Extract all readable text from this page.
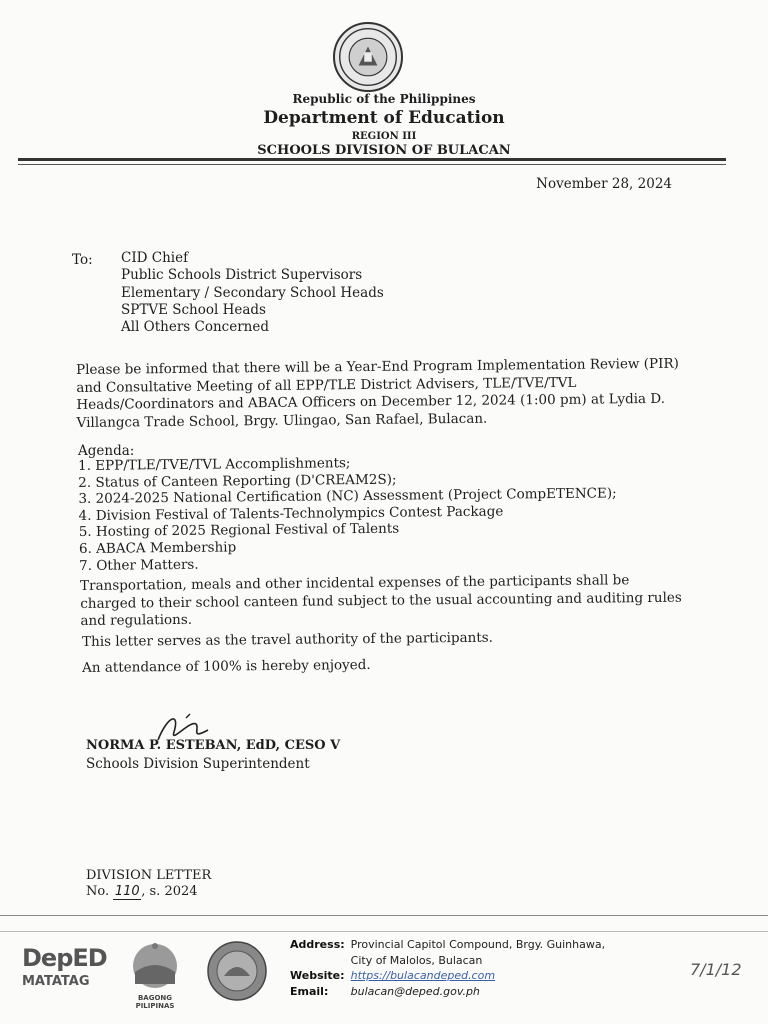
Republic of the Philippines
Department of Education
REGION III
SCHOOLS DIVISION OF BULACAN
November 28, 2024
To: CID Chief
Public Schools District Supervisors
Elementary / Secondary School Heads
SPTVE School Heads
All Others Concerned
Please be informed that there will be a Year-End Program Implementation Review (PIR) and Consultative Meeting of all EPP/TLE District Advisers, TLE/TVE/TVL Heads/Coordinators and ABACA Officers on December 12, 2024 (1:00 pm) at Lydia D. Villangca Trade School, Brgy. Ulingao, San Rafael, Bulacan.
Agenda:
1. EPP/TLE/TVE/TVL Accomplishments;
2. Status of Canteen Reporting (D'CREAM2S);
3. 2024-2025 National Certification (NC) Assessment (Project CompETENCE);
4. Division Festival of Talents-Technolympics Contest Package
5. Hosting of 2025 Regional Festival of Talents
6. ABACA Membership
7. Other Matters.
Transportation, meals and other incidental expenses of the participants shall be charged to their school canteen fund subject to the usual accounting and auditing rules and regulations.
This letter serves as the travel authority of the participants.
An attendance of 100% is hereby enjoyed.
NORMA P. ESTEBAN, EdD, CESO V
Schools Division Superintendent
DIVISION LETTER
No. 110 , s. 2024
DepED
MATATAG
BAGONG PILIPINAS
Address:	Provincial Capitol Compound, Brgy. Guinhawa,
City of Malolos, Bulacan

Website:	https://bulacandeped.com
Email:	bulacan@deped.gov.ph
7/1/12
